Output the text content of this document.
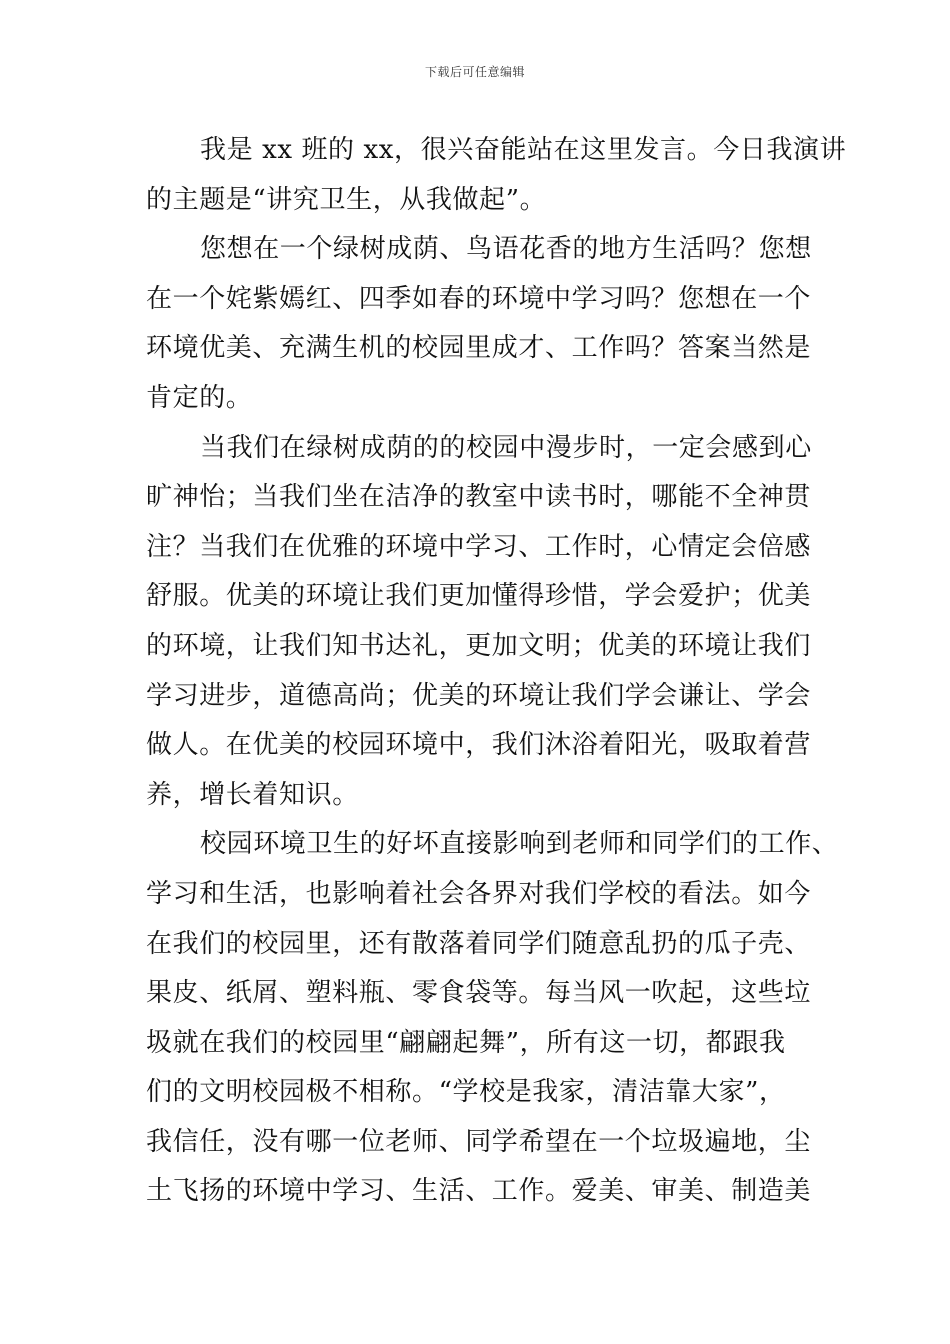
下载后可任意编辑
我是 xx 班的 xx，很兴奋能站在这里发言。今日我演讲
的主题是“讲究卫生，从我做起”。
您想在一个绿树成荫、鸟语花香的地方生活吗？您想
在一个姹紫嫣红、四季如春的环境中学习吗？您想在一个
环境优美、充满生机的校园里成才、工作吗？答案当然是
肯定的。
当我们在绿树成荫的的校园中漫步时，一定会感到心
旷神怡；当我们坐在洁净的教室中读书时，哪能不全神贯
注？当我们在优雅的环境中学习、工作时，心情定会倍感
舒服。优美的环境让我们更加懂得珍惜，学会爱护；优美
的环境，让我们知书达礼，更加文明；优美的环境让我们
学习进步，道德高尚；优美的环境让我们学会谦让、学会
做人。在优美的校园环境中，我们沐浴着阳光，吸取着营
养，增长着知识。
校园环境卫生的好坏直接影响到老师和同学们的工作、
学习和生活，也影响着社会各界对我们学校的看法。如今
在我们的校园里，还有散落着同学们随意乱扔的瓜子壳、
果皮、纸屑、塑料瓶、零食袋等。每当风一吹起，这些垃
圾就在我们的校园里“翩翩起舞”，所有这一切，都跟我
们的文明校园极不相称。“学校是我家，清洁靠大家”，
我信任，没有哪一位老师、同学希望在一个垃圾遍地，尘
土飞扬的环境中学习、生活、工作。爱美、审美、制造美
